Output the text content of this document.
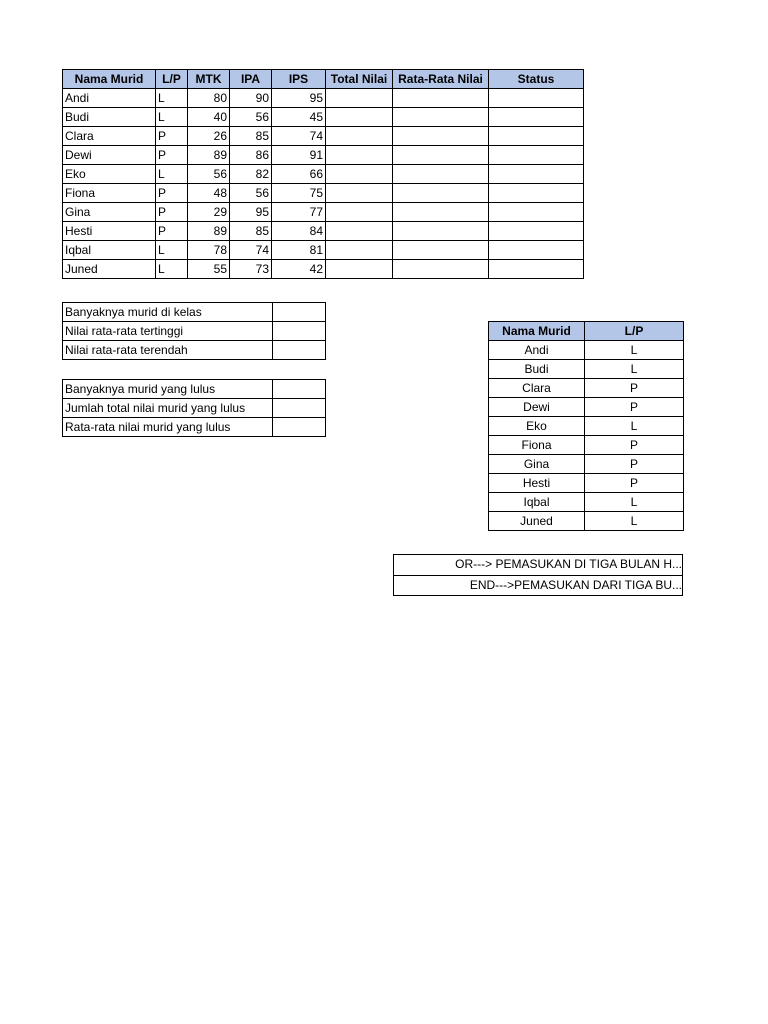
Nama Murid	L/P	MTK	IPA	IPS	Total Nilai	Rata-Rata Nilai	Status
Andi	L	80	90	95			
Budi	L	40	56	45			
Clara	P	26	85	74			
Dewi	P	89	86	91			
Eko	L	56	82	66			
Fiona	P	48	56	75			
Gina	P	29	95	77			
Hesti	P	89	85	84			
Iqbal	L	78	74	81			
Juned	L	55	73	42			
Banyaknya murid di kelas	
Nilai rata-rata tertinggi	
Nilai rata-rata terendah	
Banyaknya murid yang lulus	
Jumlah total nilai murid yang lulus	
Rata-rata nilai murid yang lulus	
Nama Murid	L/P
Andi	L
Budi	L
Clara	P
Dewi	P
Eko	L
Fiona	P
Gina	P
Hesti	P
Iqbal	L
Juned	L
OR---> PEMASUKAN DI TIGA BULAN H...
END--->PEMASUKAN DARI TIGA BU...
